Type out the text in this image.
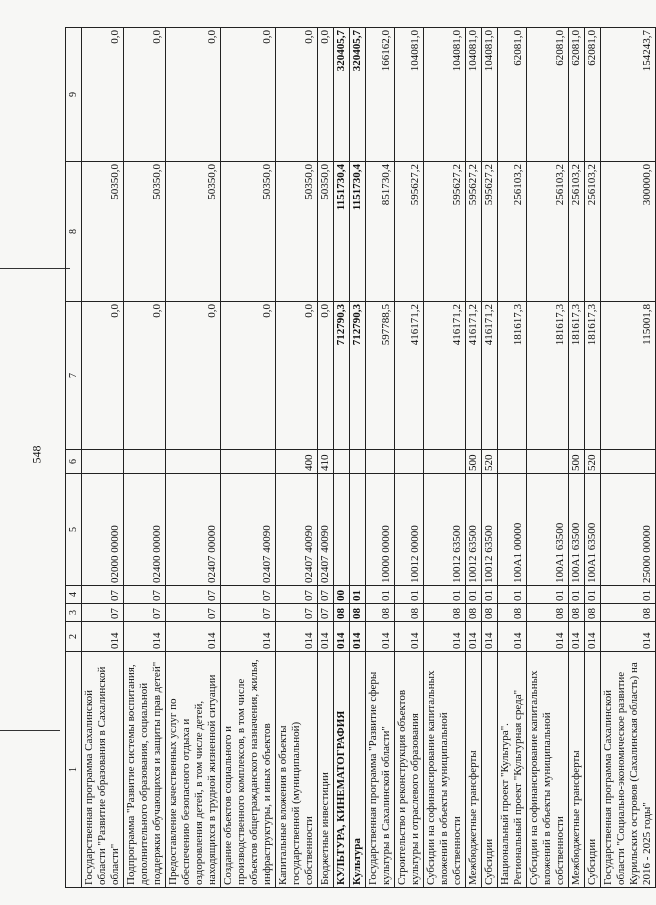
548
1	2	3	4	5	6	7	8	9
Государственная программа Сахалинской области "Развитие образования в Сахалинской области"	014	07	07	02000 00000		0,0	50350,0	0,0
Подпрограмма "Развитие системы воспитания, дополнительного образования, социальной поддержки обучающихся и защиты прав детей"	014	07	07	02400 00000		0,0	50350,0	0,0
Предоставление качественных услуг по обеспечению безопасного отдыха и оздоровления детей, в том числе детей, находящихся в трудной жизненной ситуации	014	07	07	02407 00000		0,0	50350,0	0,0
Создание объектов социального и производственного комплексов, в том числе объектов общегражданского назначения, жилья, инфраструктуры, и иных объектов	014	07	07	02407 40090		0,0	50350,0	0,0
Капитальные вложения в объекты государственной (муниципальной) собственности	014	07	07	02407 40090	400	0,0	50350,0	0,0
Бюджетные инвестиции	014	07	07	02407 40090	410	0,0	50350,0	0,0
КУЛЬТУРА, КИНЕМАТОГРАФИЯ	014	08	00			712790,3	1151730,4	320405,7
Культура	014	08	01			712790,3	1151730,4	320405,7
Государственная программа "Развитие сферы культуры в Сахалинской области"	014	08	01	10000 00000		597788,5	851730,4	166162,0
Строительство и реконструкция объектов культуры и отраслевого образования	014	08	01	10012 00000		416171,2	595627,2	104081,0
Субсидии на софинансирование капитальных вложений в объекты муниципальной собственности	014	08	01	10012 63500		416171,2	595627,2	104081,0
Межбюджетные трансферты	014	08	01	10012 63500	500	416171,2	595627,2	104081,0
Субсидии	014	08	01	10012 63500	520	416171,2	595627,2	104081,0
Национальный проект "Культура". Региональный проект "Культурная среда"	014	08	01	100A1 00000		181617,3	256103,2	62081,0
Субсидии на софинансирование капитальных вложений в объекты муниципальной собственности	014	08	01	100A1 63500		181617,3	256103,2	62081,0
Межбюджетные трансферты	014	08	01	100A1 63500	500	181617,3	256103,2	62081,0
Субсидии	014	08	01	100A1 63500	520	181617,3	256103,2	62081,0
Государственная программа Сахалинской области "Социально-экономическое развитие Курильских островов (Сахалинская область) на 2016 - 2025 годы"	014	08	01	25000 00000		115001,8	300000,0	154243,7
